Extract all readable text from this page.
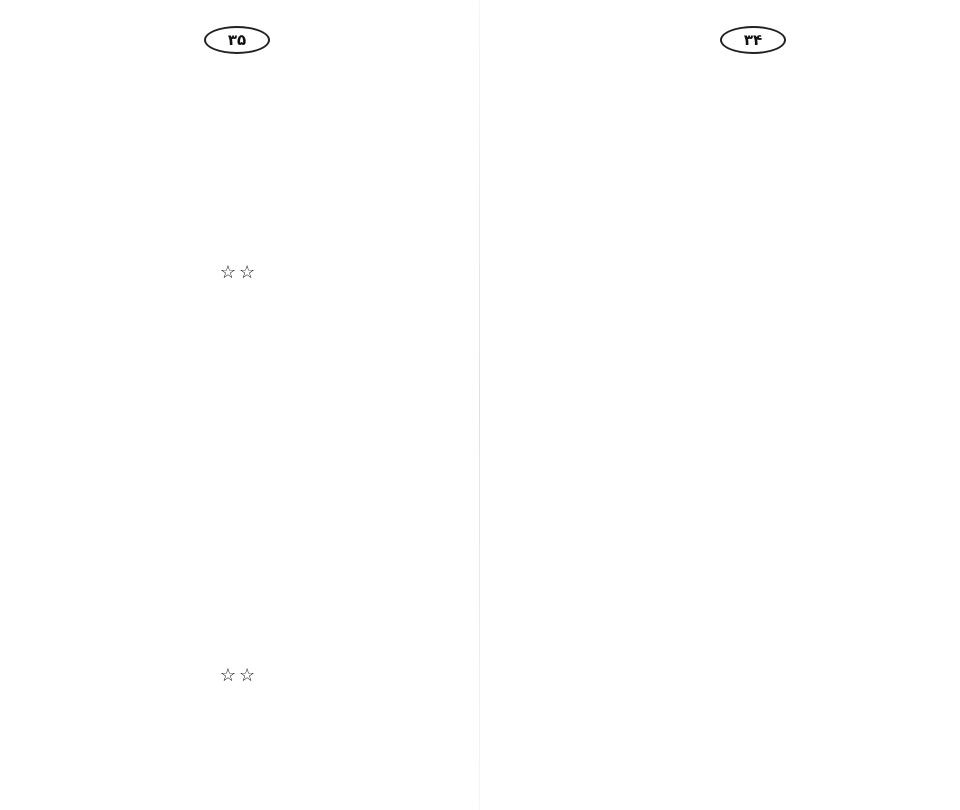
۳۵
☆☆
☆☆
۳۴
